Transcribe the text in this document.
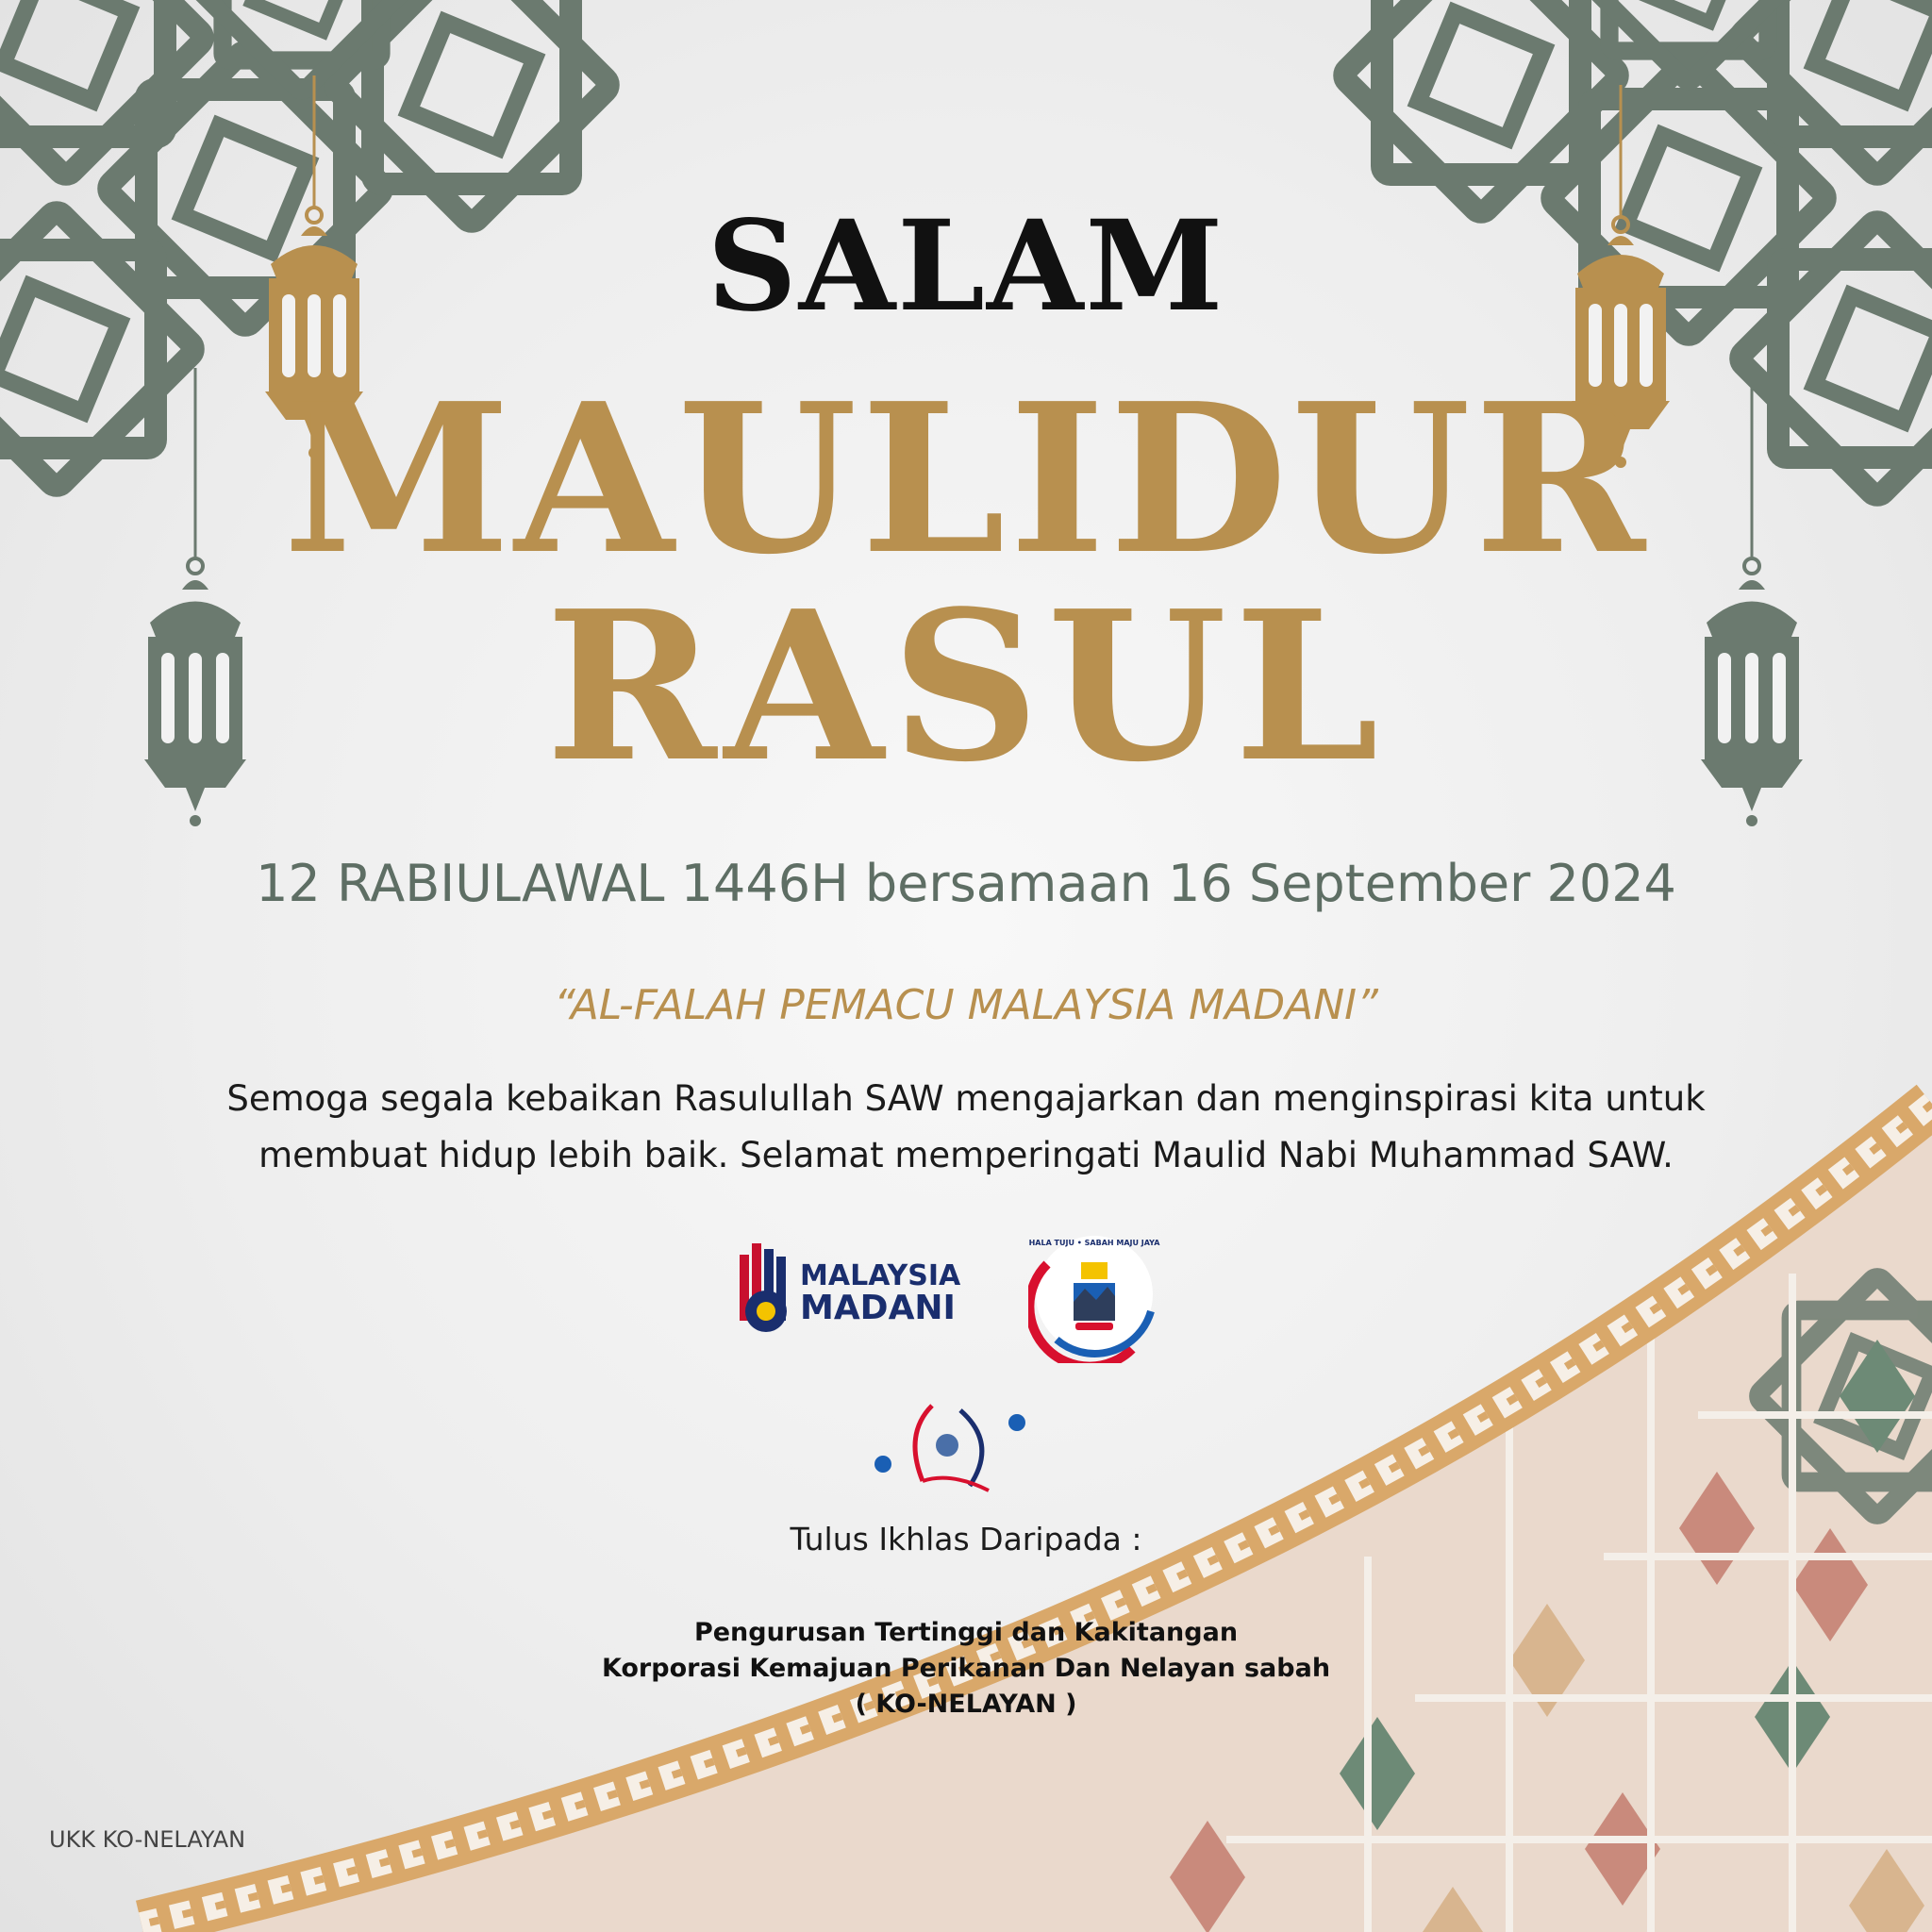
SALAM
MAULIDUR
RASUL

12 RABIULAWAL 1446H bersamaan 16 September 2024

“AL-FALAH PEMACU MALAYSIA MADANI”

Semoga segala kebaikan Rasulullah SAW mengajarkan dan menginspirasi kita untuk
membuat hidup lebih baik. Selamat memperingati Maulid Nabi Muhammad SAW.

MALAYSIA
MADANI
HALA TUJU • SABAH MAJU JAYA

Tulus Ikhlas Daripada :

Pengurusan Tertinggi dan Kakitangan
Korporasi Kemajuan Perikanan Dan Nelayan sabah
( KO-NELAYAN )

UKK KO-NELAYAN
